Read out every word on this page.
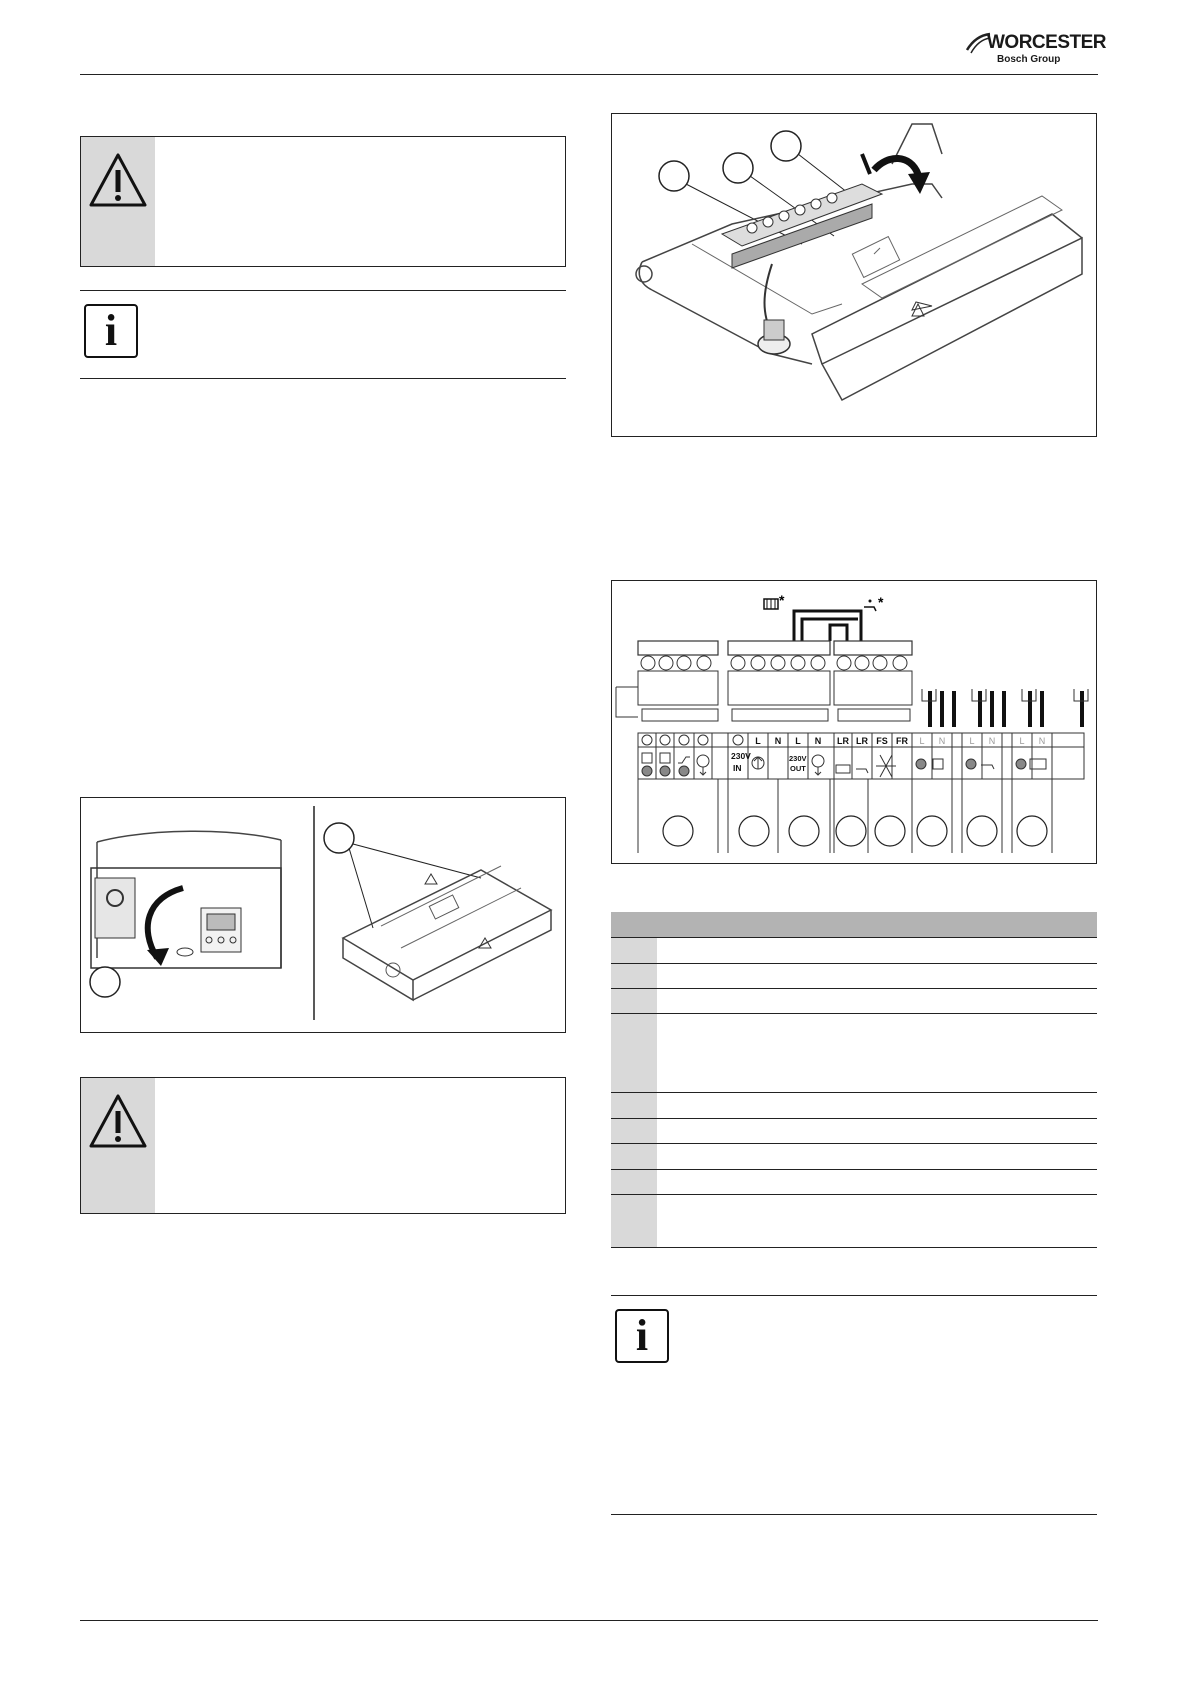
WORCESTER
Bosch Group
i
*	*
L N L N LR LR FS FR L N	L N	L N
230V
IN
230V
OUT
i
